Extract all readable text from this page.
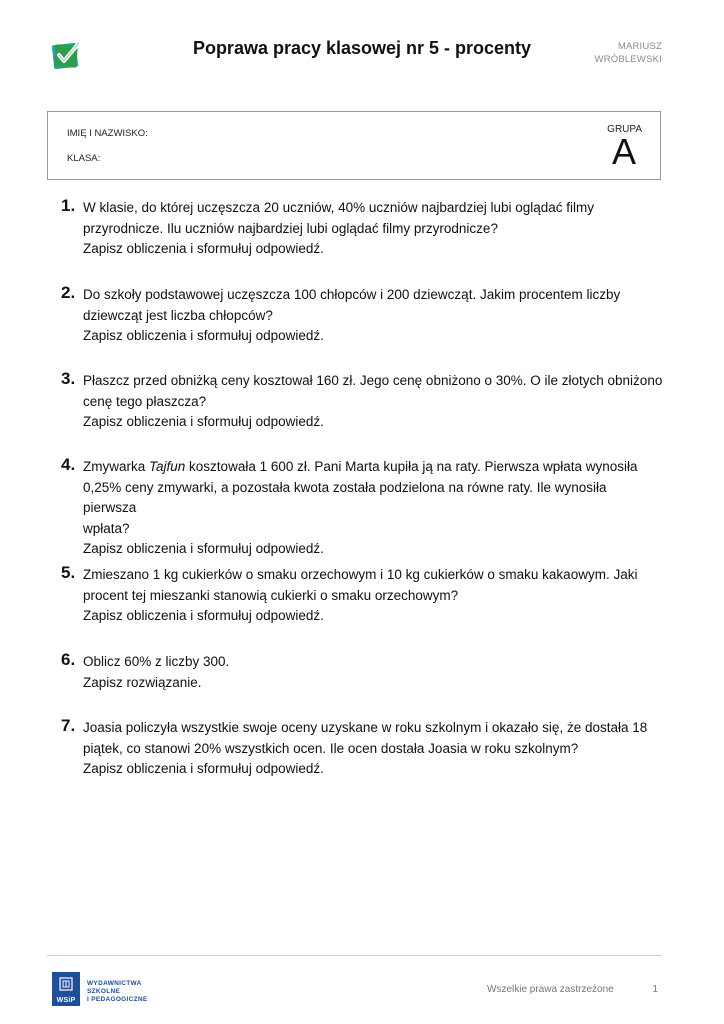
Poprawa pracy klasowej nr 5 - procenty	MARIUSZ
WRÓBLEWSKI
IMIĘ I NAZWISKO:
KLASA:
GRUPA
A
1. W klasie, do której uczęszcza 20 uczniów, 40% uczniów najbardziej lubi oglądać filmy

przyrodnicze. Ilu uczniów najbardziej lubi oglądać filmy przyrodnicze?

Zapisz obliczenia i sformułuj odpowiedź.

2. Do szkoły podstawowej uczęszcza 100 chłopców i 200 dziewcząt. Jakim procentem liczby

dziewcząt jest liczba chłopców?

Zapisz obliczenia i sformułuj odpowiedź.

3. Płaszcz przed obniżką ceny kosztował 160 zł. Jego cenę obniżono o 30%. O ile złotych obniżono

cenę tego płaszcza?

Zapisz obliczenia i sformułuj odpowiedź.

4. Zmywarka Tajfun kosztowała 1 600 zł. Pani Marta kupiła ją na raty. Pierwsza wpłata wynosiła

0,25% ceny zmywarki, a pozostała kwota została podzielona na równe raty. Ile wynosiła pierwsza

wpłata?

Zapisz obliczenia i sformułuj odpowiedź.

5. Zmieszano 1 kg cukierków o smaku orzechowym i 10 kg cukierków o smaku kakaowym. Jaki

procent tej mieszanki stanowią cukierki o smaku orzechowym?

Zapisz obliczenia i sformułuj odpowiedź.

6. Oblicz 60% z liczby 300.

Zapisz rozwiązanie.

7. Joasia policzyła wszystkie swoje oceny uzyskane w roku szkolnym i okazało się, że dostała 18

piątek, co stanowi 20% wszystkich ocen. Ile ocen dostała Joasia w roku szkolnym?

Zapisz obliczenia i sformułuj odpowiedź.

WSiP
WYDAWNICTWA
SZKOLNE
I PEDAGOGICZNE
Wszelkie prawa zastrzeżone	1
